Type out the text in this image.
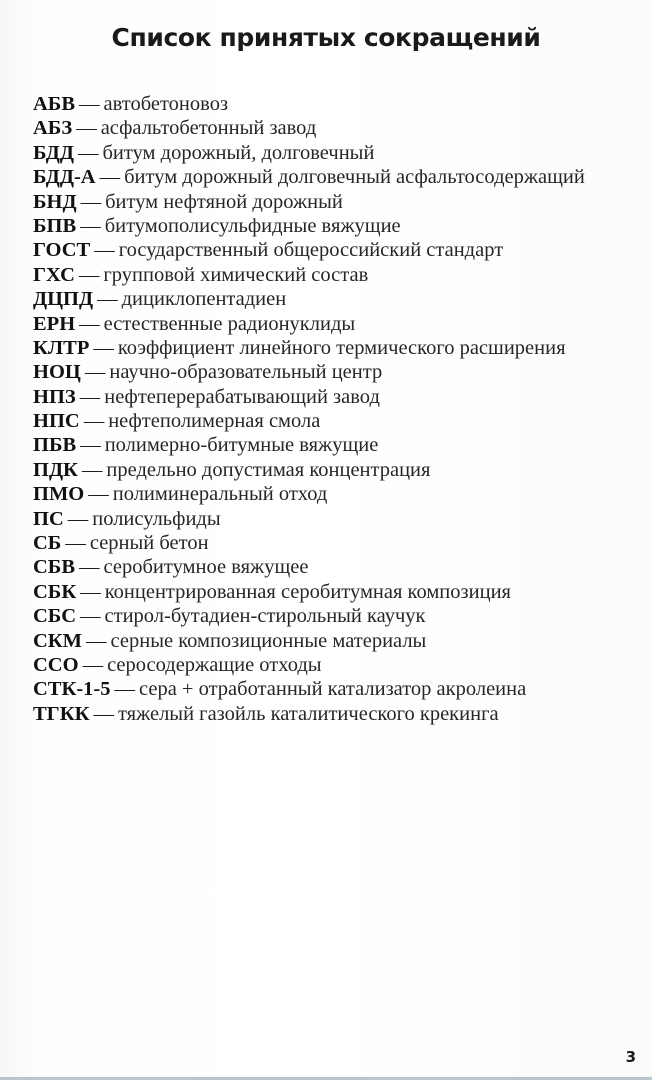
Список принятых сокращений
АБВ — автобетоновоз
АБЗ — асфальтобетонный завод
БДД — битум дорожный, долговечный
БДД-А — битум дорожный долговечный асфальтосодержащий
БНД — битум нефтяной дорожный
БПВ — битумополисульфидные вяжущие
ГОСТ — государственный общероссийский стандарт
ГХС — групповой химический состав
ДЦПД — дициклопентадиен
ЕРН — естественные радионуклиды
КЛТР — коэффициент линейного термического расширения
НОЦ — научно-образовательный центр
НПЗ — нефтеперерабатывающий завод
НПС — нефтеполимерная смола
ПБВ — полимерно-битумные вяжущие
ПДК — предельно допустимая концентрация
ПМО — полиминеральный отход
ПС — полисульфиды
СБ — серный бетон
СБВ — серобитумное вяжущее
СБК — концентрированная серобитумная композиция
СБС — стирол-бутадиен-стирольный каучук
СКМ — серные композиционные материалы
ССО — серосодержащие отходы
СТК-1-5 — сера + отработанный катализатор акролеина
ТГКК — тяжелый газойль каталитического крекинга
3
